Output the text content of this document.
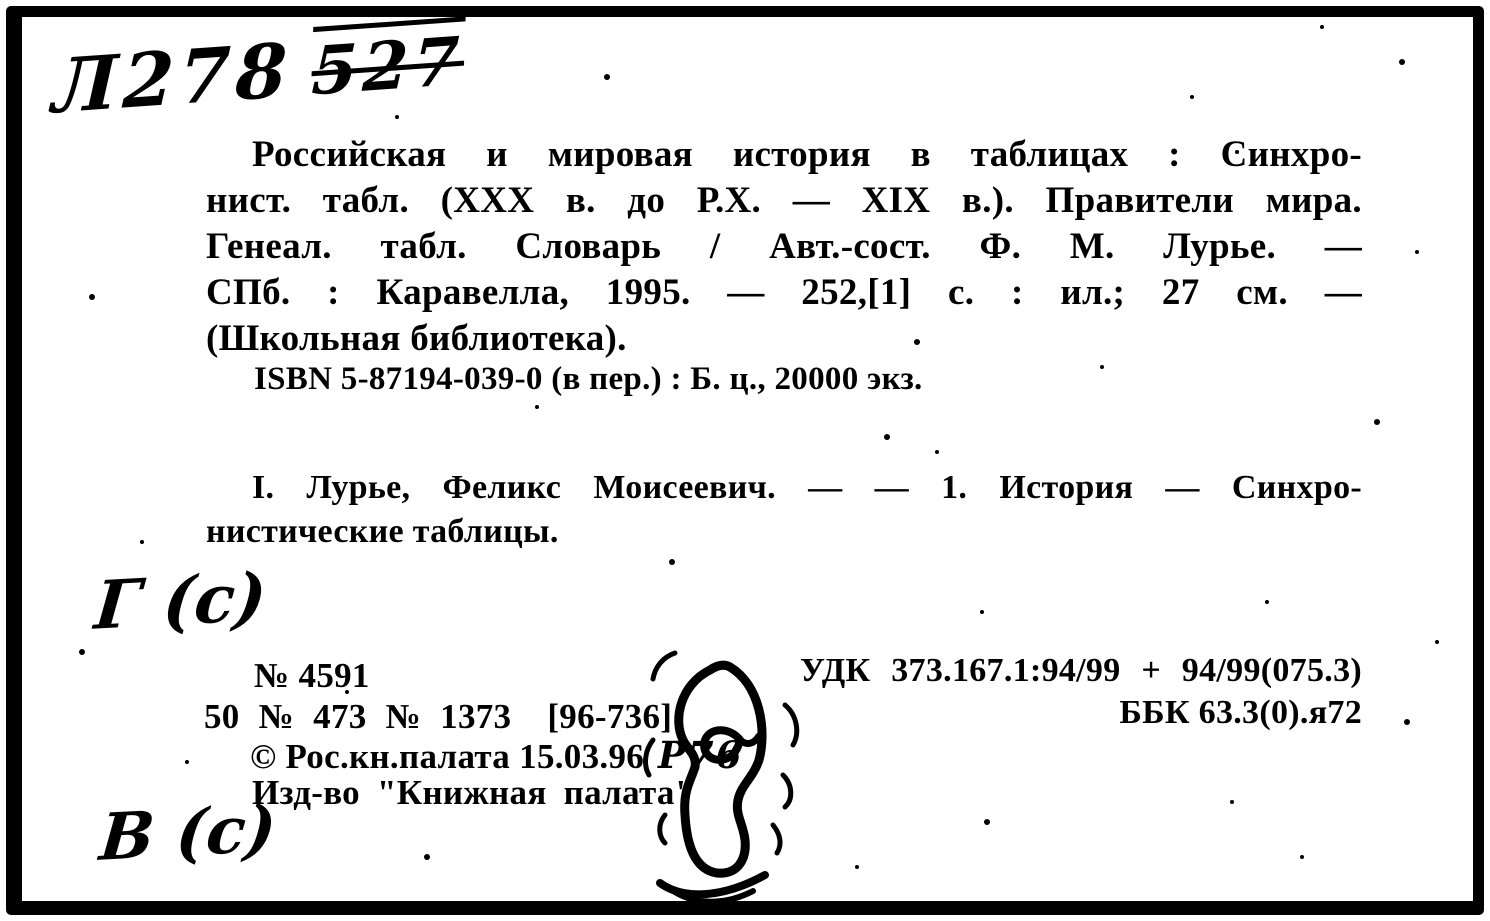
Л278 527
Российская и мировая история в таблицах : Синхро-
нист. табл. (XXX в. до Р.Х. — XIX в.). Правители мира.
Генеал. табл. Словарь / Авт.-сост. Ф. М. Лурье. —
СПб. : Каравелла, 1995. — 252,[1] с. : ил.; 27 см. —
(Школьная библиотека).
ISBN 5-87194-039-0 (в пер.) : Б. ц., 20000 экз.
I. Лурье, Феликс Моисеевич. — — 1. История — Синхро-
нистические таблицы.
Г (с)
В (с)
№ 4591
50 № 473 № 1373 [96-736]
© Рос.кн.палата 15.03.96 Р76
Изд-во "Книжная палата"
УДК 373.167.1:94/99 + 94/99(075.3)
ББК 63.3(0).я72
